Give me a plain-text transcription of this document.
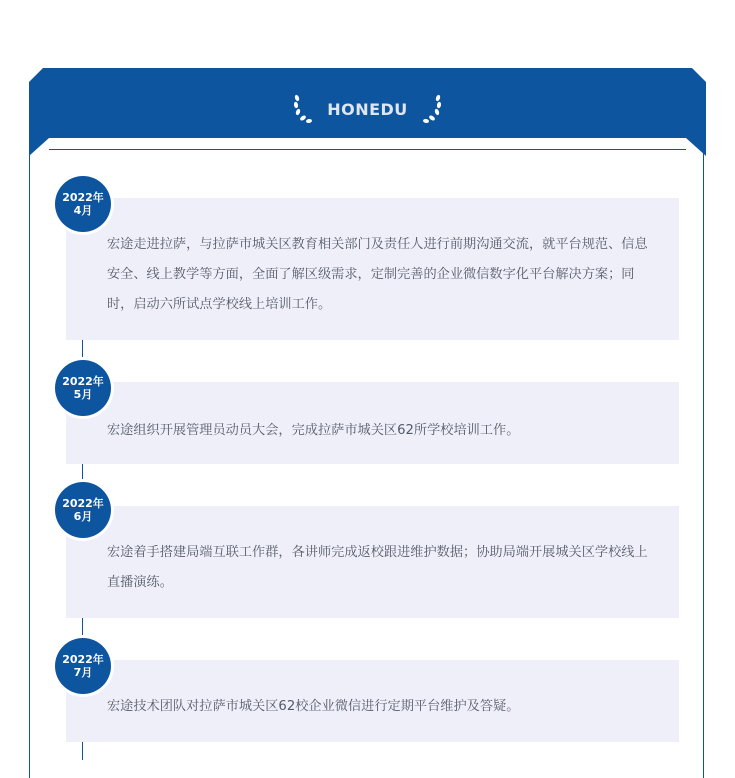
HONEDU

宏途走进拉萨，与拉萨市城关区教育相关部门及责任人进行前期沟通交流，就平台规范、信息安全、线上教学等方面，全面了解区级需求，定制完善的企业微信数字化平台解决方案；同时，启动六所试点学校线上培训工作。

2022年
4月

宏途组织开展管理员动员大会，完成拉萨市城关区62所学校培训工作。

2022年
5月

宏途着手搭建局端互联工作群，各讲师完成返校跟进维护数据；协助局端开展城关区学校线上直播演练。

2022年
6月

宏途技术团队对拉萨市城关区62校企业微信进行定期平台维护及答疑。

2022年
7月
